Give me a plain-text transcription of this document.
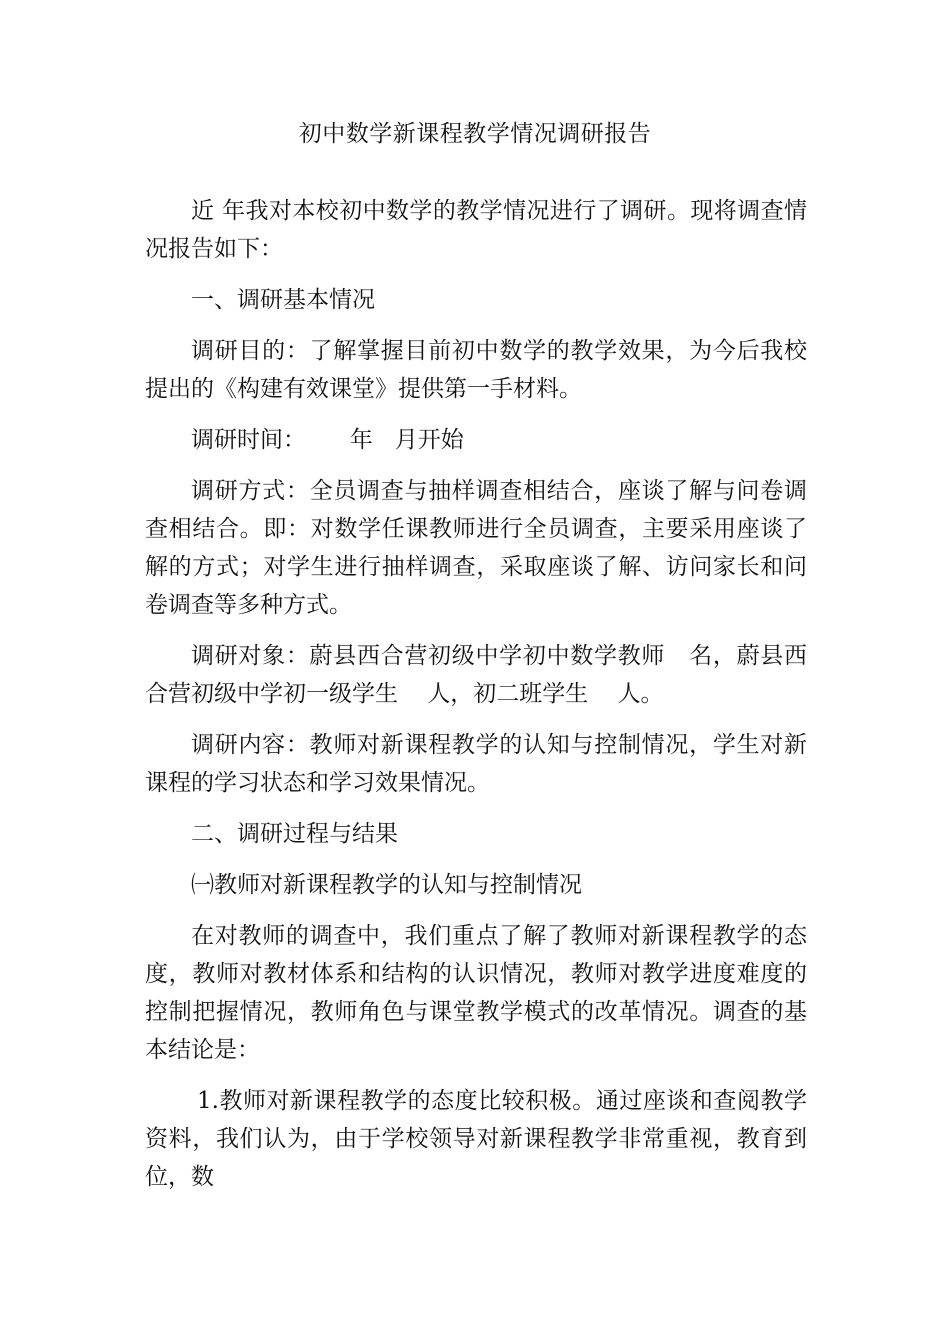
初中数学新课程教学情况调研报告

近 年我对本校初中数学的教学情况进行了调研。现将调查情况报告如下：

一、调研基本情况

调研目的：了解掌握目前初中数学的教学效果，为今后我校提出的《构建有效课堂》提供第一手材料。

调研时间：      年   月开始

调研方式：全员调查与抽样调查相结合，座谈了解与问卷调查相结合。即：对数学任课教师进行全员调查，主要采用座谈了解的方式；对学生进行抽样调查，采取座谈了解、访问家长和问卷调查等多种方式。

调研对象：蔚县西合营初级中学初中数学教师   名，蔚县西合营初级中学初一级学生    人，初二班学生    人。

调研内容：教师对新课程教学的认知与控制情况，学生对新课程的学习状态和学习效果情况。

二、调研过程与结果

㈠教师对新课程教学的认知与控制情况

在对教师的调查中，我们重点了解了教师对新课程教学的态度，教师对教材体系和结构的认识情况，教师对教学进度难度的控制把握情况，教师角色与课堂教学模式的改革情况。调查的基本结论是：

1.教师对新课程教学的态度比较积极。通过座谈和查阅教学资料，我们认为，由于学校领导对新课程教学非常重视，教育到位，数
